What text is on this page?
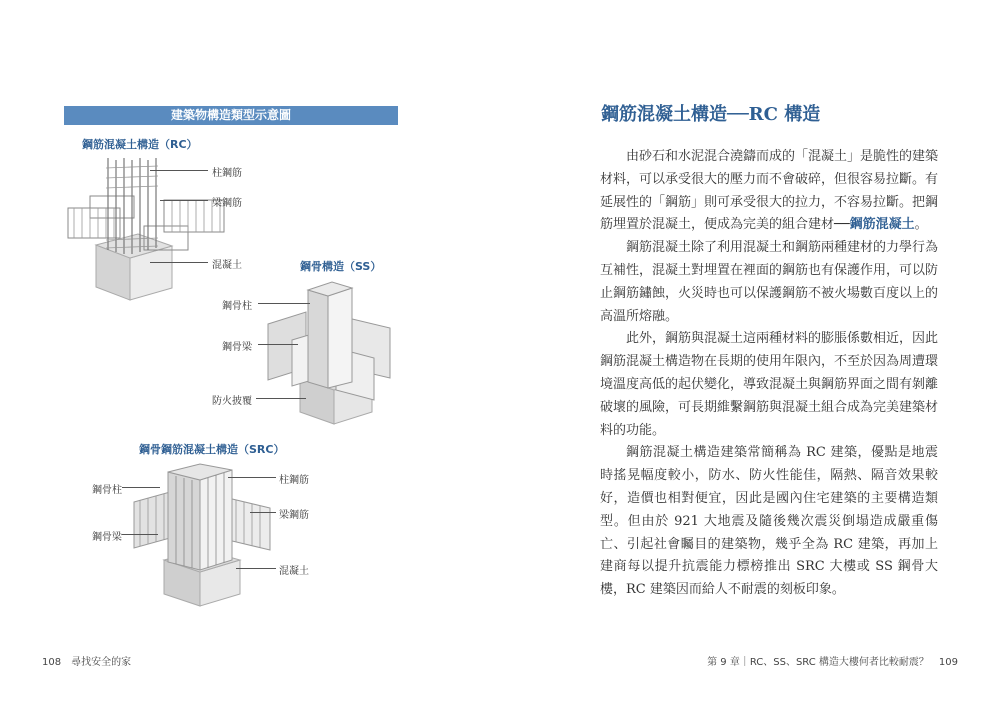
建築物構造類型示意圖
鋼筋混凝土構造（RC）
鋼骨構造（SS）
鋼骨鋼筋混凝土構造（SRC）
柱鋼筋
梁鋼筋
混凝土
鋼骨柱
鋼骨梁
防火披覆
鋼骨柱
鋼骨梁
柱鋼筋
梁鋼筋
混凝土
108　尋找安全的家
鋼筋混凝土構造──RC 構造

由砂石和水泥混合澆鑄而成的「混凝土」是脆性的建築材料，可以承受很大的壓力而不會破碎，但很容易拉斷。有延展性的「鋼筋」則可承受很大的拉力，不容易拉斷。把鋼筋埋置於混凝土，便成為完美的組合建材──鋼筋混凝土。

鋼筋混凝土除了利用混凝土和鋼筋兩種建材的力學行為互補性，混凝土對埋置在裡面的鋼筋也有保護作用，可以防止鋼筋鏽蝕，火災時也可以保護鋼筋不被火場數百度以上的高溫所熔融。

此外，鋼筋與混凝土這兩種材料的膨脹係數相近，因此鋼筋混凝土構造物在長期的使用年限內，不至於因為周遭環境溫度高低的起伏變化，導致混凝土與鋼筋界面之間有剝離破壞的風險，可長期維繫鋼筋與混凝土組合成為完美建築材料的功能。

鋼筋混凝土構造建築常簡稱為 RC 建築，優點是地震時搖晃幅度較小，防水、防火性能佳，隔熱、隔音效果較好，造價也相對便宜，因此是國內住宅建築的主要構造類型。但由於 921 大地震及隨後幾次震災倒塌造成嚴重傷亡、引起社會矚目的建築物，幾乎全為 RC 建築，再加上建商每以提升抗震能力標榜推出 SRC 大樓或 SS 鋼骨大樓，RC 建築因而給人不耐震的刻板印象。

第 9 章｜RC、SS、SRC 構造大樓何者比較耐震？　109
